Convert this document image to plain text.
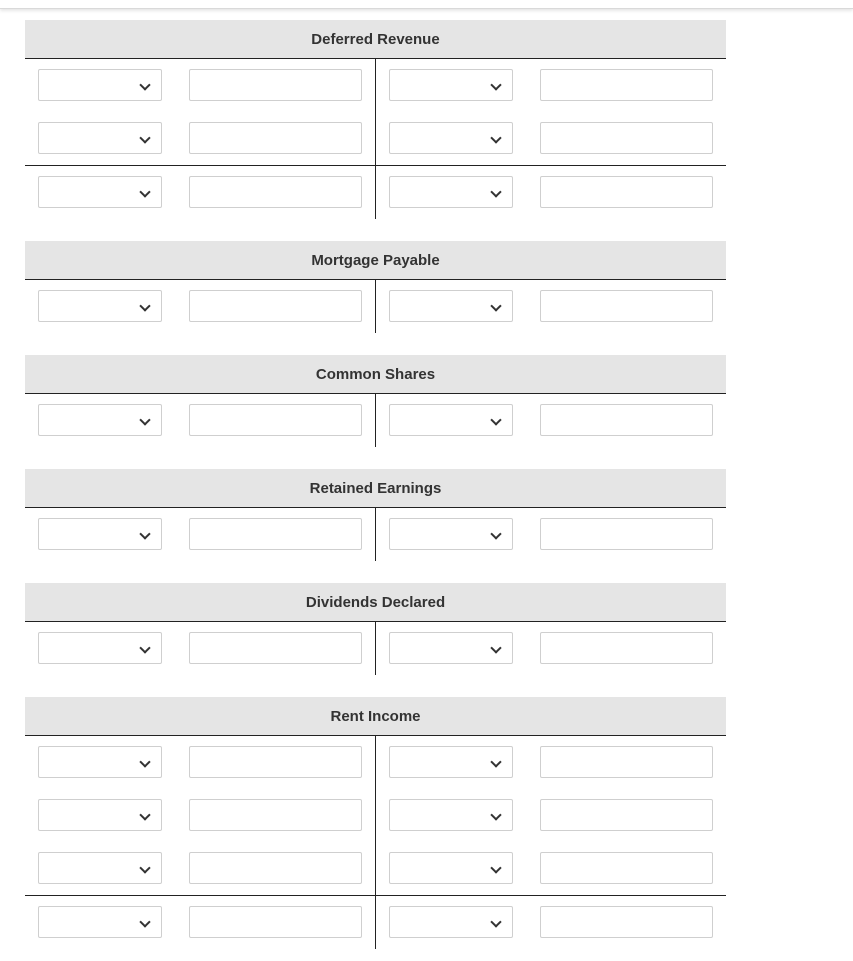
Deferred Revenue
Mortgage Payable
Common Shares
Retained Earnings
Dividends Declared
Rent Income
